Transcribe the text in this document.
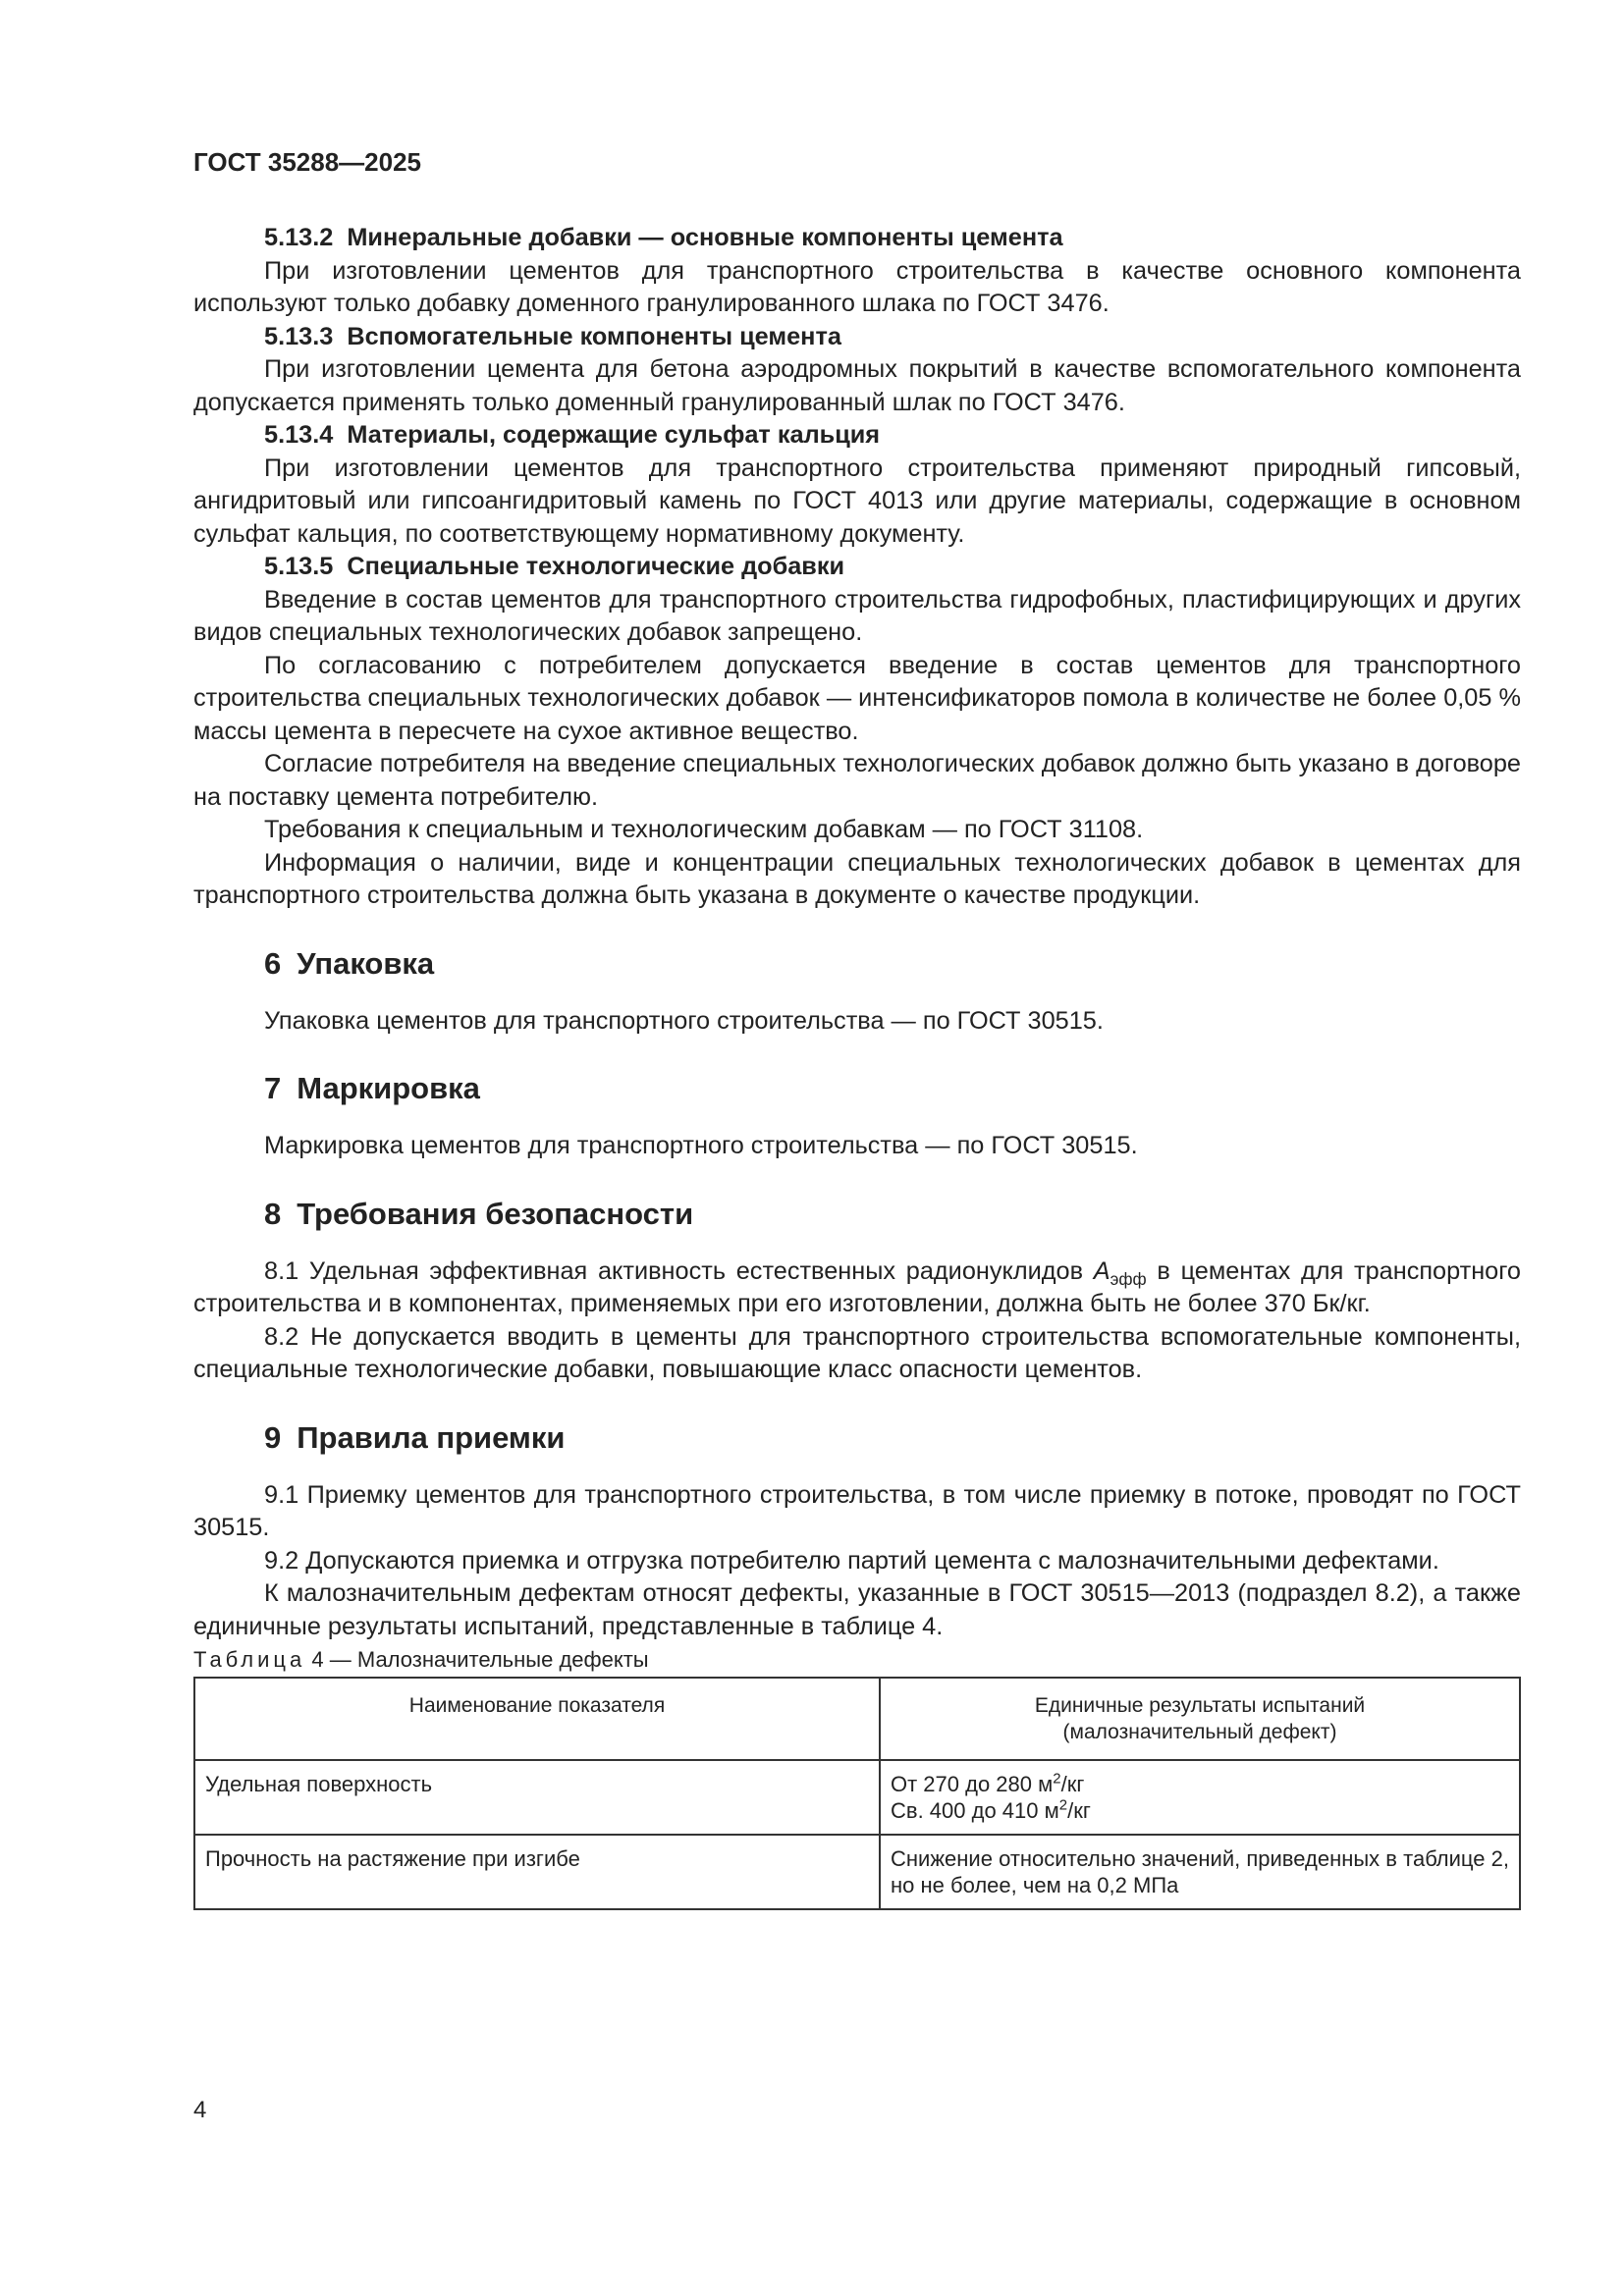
ГОСТ 35288—2025

5.13.2 Минеральные добавки — основные компоненты цемента

При изготовлении цементов для транспортного строительства в качестве основного компонента используют только добавку доменного гранулированного шлака по ГОСТ 3476.

5.13.3 Вспомогательные компоненты цемента

При изготовлении цемента для бетона аэродромных покрытий в качестве вспомогательного компонента допускается применять только доменный гранулированный шлак по ГОСТ 3476.

5.13.4 Материалы, содержащие сульфат кальция

При изготовлении цементов для транспортного строительства применяют природный гипсовый, ангидритовый или гипсоангидритовый камень по ГОСТ 4013 или другие материалы, содержащие в основном сульфат кальция, по соответствующему нормативному документу.

5.13.5 Специальные технологические добавки

Введение в состав цементов для транспортного строительства гидрофобных, пластифицирующих и других видов специальных технологических добавок запрещено.

По согласованию с потребителем допускается введение в состав цементов для транспортного строительства специальных технологических добавок — интенсификаторов помола в количестве не более 0,05 % массы цемента в пересчете на сухое активное вещество.

Согласие потребителя на введение специальных технологических добавок должно быть указано в договоре на поставку цемента потребителю.

Требования к специальным и технологическим добавкам — по ГОСТ 31108.

Информация о наличии, виде и концентрации специальных технологических добавок в цементах для транспортного строительства должна быть указана в документе о качестве продукции.

6 Упаковка

Упаковка цементов для транспортного строительства — по ГОСТ 30515.

7 Маркировка

Маркировка цементов для транспортного строительства — по ГОСТ 30515.

8 Требования безопасности

8.1 Удельная эффективная активность естественных радионуклидов $A_{эфф}$ в цементах для транспортного строительства и в компонентах, применяемых при его изготовлении, должна быть не более 370 Бк/кг.

8.2 Не допускается вводить в цементы для транспортного строительства вспомогательные компоненты, специальные технологические добавки, повышающие класс опасности цементов.

9 Правила приемки

9.1 Приемку цементов для транспортного строительства, в том числе приемку в потоке, проводят по ГОСТ 30515.

9.2 Допускаются приемка и отгрузка потребителю партий цемента с малозначительными дефектами.

К малозначительным дефектам относят дефекты, указанные в ГОСТ 30515—2013 (подраздел 8.2), а также единичные результаты испытаний, представленные в таблице 4.

Таблица 4 — Малозначительные дефекты

Наименование показателя	Единичные результаты испытаний
(малозначительный дефект)

Удельная поверхность	От 270 до 280 $м^2/кг$
Св. 400 до 410 $м^2/кг$

Прочность на растяжение при изгибе	Снижение относительно значений, приведенных в таблице 2, но не более, чем на 0,2 МПа

4
